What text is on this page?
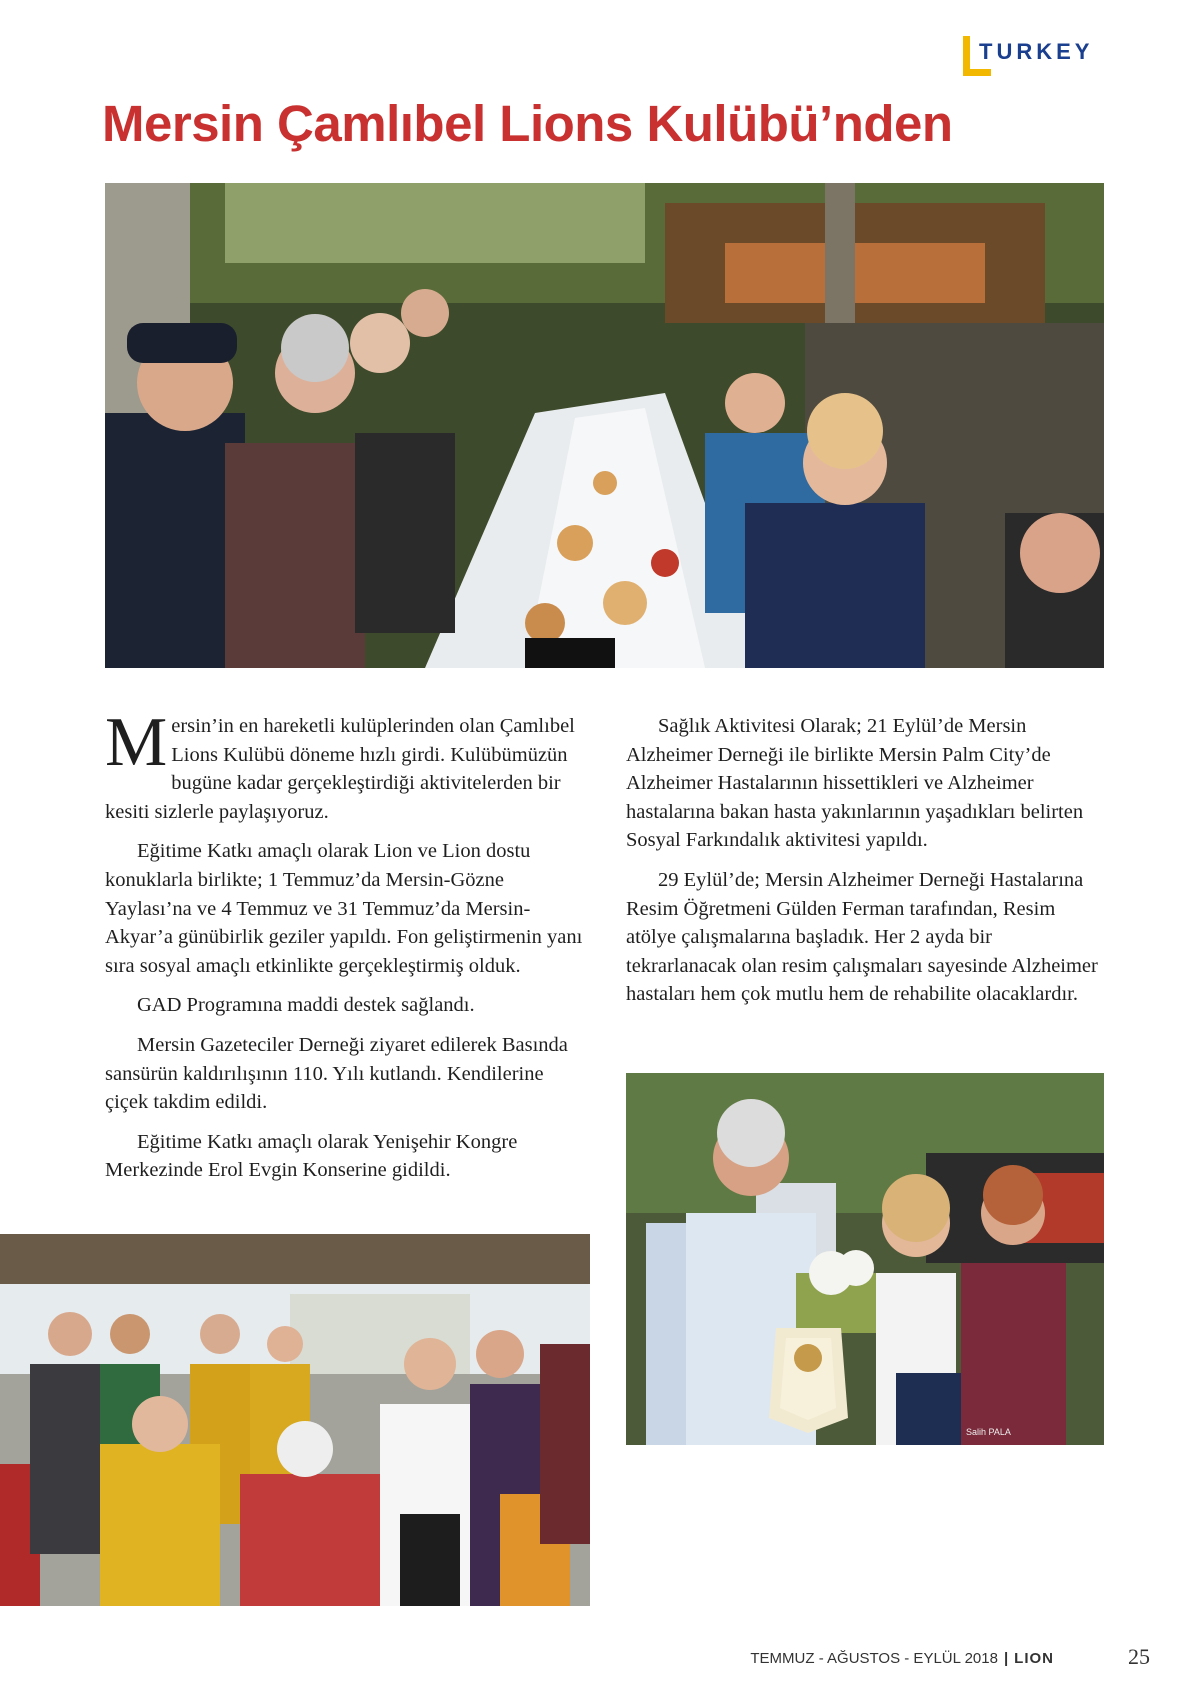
TURKEY
Mersin Çamlıbel Lions Kulübü’nden

Mersin’in en hareketli kulüplerinden olan Çamlıbel Lions Kulübü döneme hızlı girdi. Kulübümüzün bugüne kadar gerçekleştirdiği aktivitelerden bir kesiti sizlerle paylaşıyoruz.

Eğitime Katkı amaçlı olarak Lion ve Lion dostu konuklarla birlikte; 1 Temmuz’da Mersin-Gözne Yaylası’na ve 4 Temmuz ve 31 Temmuz’da Mersin-Akyar’a günübirlik geziler yapıldı. Fon geliştirmenin yanı sıra sosyal amaçlı etkinlikte gerçekleştirmiş olduk.

GAD Programına maddi destek sağlandı.

Mersin Gazeteciler Derneği ziyaret edilerek Basında sansürün kaldırılışının 110. Yılı kutlandı. Kendilerine çiçek takdim edildi.

Eğitime Katkı amaçlı olarak Yenişehir Kongre Merkezinde Erol Evgin Konserine gidildi.

Sağlık Aktivitesi Olarak; 21 Eylül’de Mersin Alzheimer Derneği ile birlikte Mersin Palm City’de Alzheimer Hastalarının hissettikleri ve Alzheimer hastalarına bakan hasta yakınlarının yaşadıkları belirten Sosyal Farkındalık aktivitesi yapıldı.

29 Eylül’de; Mersin Alzheimer Derneği Hastalarına Resim Öğretmeni Gülden Ferman tarafından, Resim atölye çalışmalarına başladık. Her 2 ayda bir tekrarlanacak olan resim çalışmaları sayesinde Alzheimer hastaları hem çok mutlu hem de rehabilite olacaklardır.

Salih PALA
TEMMUZ - AĞUSTOS - EYLÜL 2018 | LION	25
